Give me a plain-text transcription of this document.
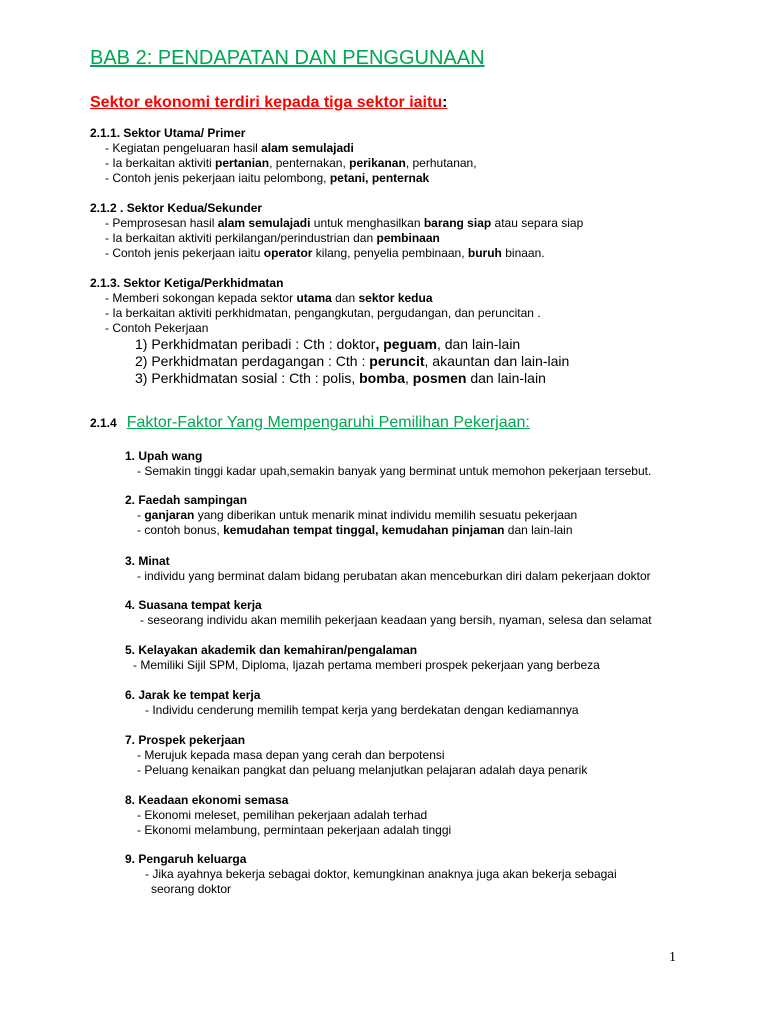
BAB 2: PENDAPATAN DAN PENGGUNAAN
Sektor ekonomi terdiri kepada tiga sektor iaitu:
2.1.1. Sektor Utama/ Primer
- Kegiatan pengeluaran hasil alam semulajadi
- Ia berkaitan aktiviti pertanian, penternakan, perikanan, perhutanan,
- Contoh jenis pekerjaan iaitu pelombong, petani, penternak
2.1.2 . Sektor Kedua/Sekunder
- Pemprosesan hasil alam semulajadi untuk menghasilkan barang siap atau separa siap
- Ia berkaitan aktiviti perkilangan/perindustrian dan pembinaan
- Contoh jenis pekerjaan iaitu operator kilang, penyelia pembinaan, buruh binaan.
2.1.3. Sektor Ketiga/Perkhidmatan
- Memberi sokongan kepada sektor utama dan sektor kedua
- Ia berkaitan aktiviti perkhidmatan, pengangkutan, pergudangan, dan peruncitan .
- Contoh Pekerjaan
1) Perkhidmatan peribadi : Cth : doktor, peguam, dan lain-lain
2) Perkhidmatan perdagangan : Cth : peruncit, akauntan dan lain-lain
3) Perkhidmatan sosial : Cth : polis, bomba, posmen dan lain-lain
2.1.4 Faktor-Faktor Yang Mempengaruhi Pemilihan Pekerjaan:
1. Upah wang
- Semakin tinggi kadar upah,semakin banyak yang berminat untuk memohon pekerjaan tersebut.
2. Faedah sampingan
- ganjaran yang diberikan untuk menarik minat individu memilih sesuatu pekerjaan
- contoh bonus, kemudahan tempat tinggal, kemudahan pinjaman dan lain-lain
3. Minat
- individu yang berminat dalam bidang perubatan akan menceburkan diri dalam pekerjaan doktor
4. Suasana tempat kerja
- seseorang individu akan memilih pekerjaan keadaan yang bersih, nyaman, selesa dan selamat
5. Kelayakan akademik dan kemahiran/pengalaman
- Memiliki Sijil SPM, Diploma, Ijazah pertama memberi prospek pekerjaan yang berbeza
6. Jarak ke tempat kerja
- Individu cenderung memilih tempat kerja yang berdekatan dengan kediamannya
7. Prospek pekerjaan
- Merujuk kepada masa depan yang cerah dan berpotensi
- Peluang kenaikan pangkat dan peluang melanjutkan pelajaran adalah daya penarik
8. Keadaan ekonomi semasa
- Ekonomi meleset, pemilihan pekerjaan adalah terhad
- Ekonomi melambung, permintaan pekerjaan adalah tinggi
9. Pengaruh keluarga
- Jika ayahnya bekerja sebagai doktor, kemungkinan anaknya juga akan bekerja sebagai
seorang doktor
1
